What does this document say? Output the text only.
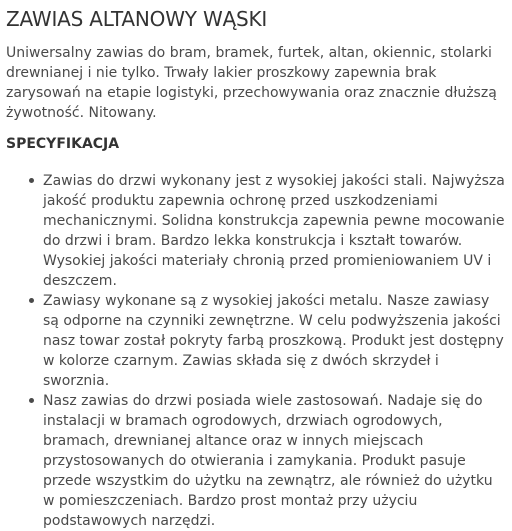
ZAWIAS ALTANOWY WĄSKI

Uniwersalny zawias do bram, bramek, furtek, altan, okiennic, stolarki drewnianej i nie tylko. Trwały lakier proszkowy zapewnia brak zarysowań na etapie logistyki, przechowywania oraz znacznie dłuższą żywotność. Nitowany.

SPECYFIKACJA
Zawias do drzwi wykonany jest z wysokiej jakości stali. Najwyższa jakość produktu zapewnia ochronę przed uszkodzeniami mechanicznymi. Solidna konstrukcja zapewnia pewne mocowanie do drzwi i bram. Bardzo lekka konstrukcja i kształt towarów. Wysokiej jakości materiały chronią przed promieniowaniem UV i deszczem.
Zawiasy wykonane są z wysokiej jakości metalu. Nasze zawiasy są odporne na czynniki zewnętrzne. W celu podwyższenia jakości nasz towar został pokryty farbą proszkową. Produkt jest dostępny w kolorze czarnym. Zawias składa się z dwóch skrzydeł i sworznia.
Nasz zawias do drzwi posiada wiele zastosowań. Nadaje się do instalacji w bramach ogrodowych, drzwiach ogrodowych, bramach, drewnianej altance oraz w innych miejscach przystosowanych do otwierania i zamykania. Produkt pasuje przede wszystkim do użytku na zewnątrz, ale również do użytku w pomieszczeniach. Bardzo prost montaż przy użyciu podstawowych narzędzi.
